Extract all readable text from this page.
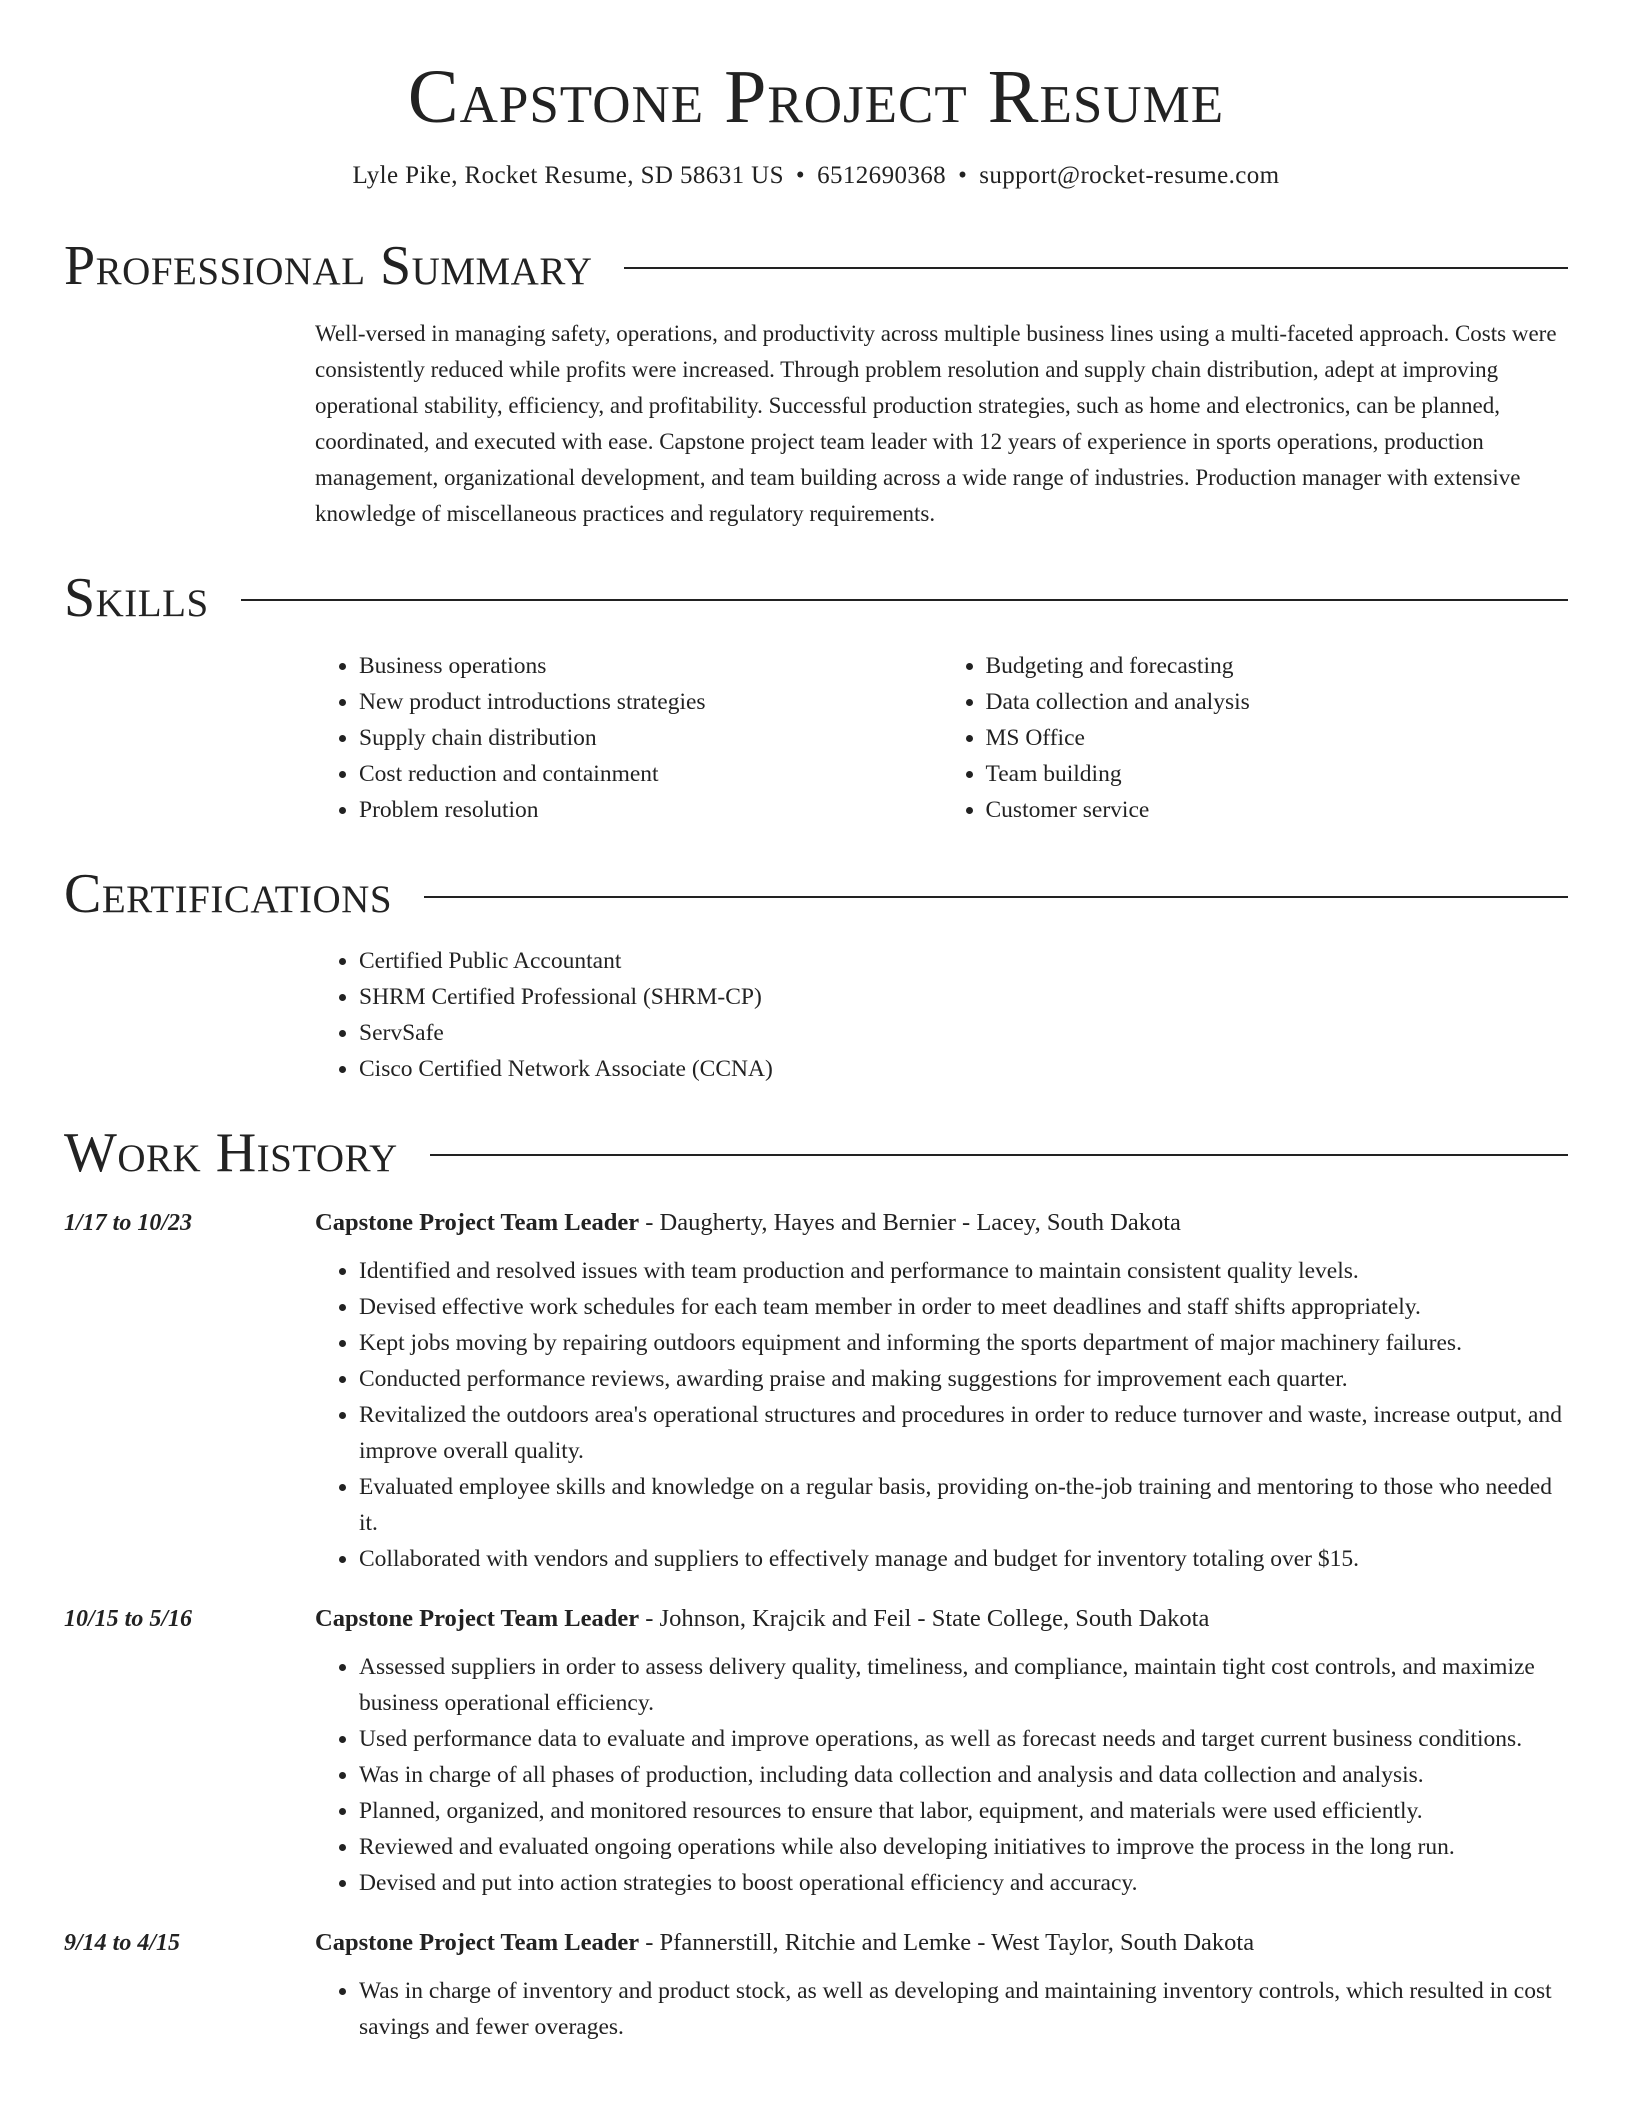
Capstone Project Resume
Lyle Pike, Rocket Resume, SD 58631 US • 6512690368 • support@rocket-resume.com
Professional Summary
Well-versed in managing safety, operations, and productivity across multiple business lines using a multi-faceted approach. Costs were consistently reduced while profits were increased. Through problem resolution and supply chain distribution, adept at improving operational stability, efficiency, and profitability. Successful production strategies, such as home and electronics, can be planned, coordinated, and executed with ease. Capstone project team leader with 12 years of experience in sports operations, production management, organizational development, and team building across a wide range of industries. Production manager with extensive knowledge of miscellaneous practices and regulatory requirements.
Skills
• Business operations
• New product introductions strategies
• Supply chain distribution
• Cost reduction and containment
• Problem resolution
• Budgeting and forecasting
• Data collection and analysis
• MS Office
• Team building
• Customer service
Certifications
• Certified Public Accountant
• SHRM Certified Professional (SHRM-CP)
• ServSafe
• Cisco Certified Network Associate (CCNA)
Work History
1/17 to 10/23	Capstone Project Team Leader - Daugherty, Hayes and Bernier - Lacey, South Dakota
• Identified and resolved issues with team production and performance to maintain consistent quality levels.
• Devised effective work schedules for each team member in order to meet deadlines and staff shifts appropriately.
• Kept jobs moving by repairing outdoors equipment and informing the sports department of major machinery failures.
• Conducted performance reviews, awarding praise and making suggestions for improvement each quarter.
• Revitalized the outdoors area's operational structures and procedures in order to reduce turnover and waste, increase output, and improve overall quality.
• Evaluated employee skills and knowledge on a regular basis, providing on-the-job training and mentoring to those who needed it.
• Collaborated with vendors and suppliers to effectively manage and budget for inventory totaling over $15.
10/15 to 5/16	Capstone Project Team Leader - Johnson, Krajcik and Feil - State College, South Dakota
• Assessed suppliers in order to assess delivery quality, timeliness, and compliance, maintain tight cost controls, and maximize business operational efficiency.
• Used performance data to evaluate and improve operations, as well as forecast needs and target current business conditions.
• Was in charge of all phases of production, including data collection and analysis and data collection and analysis.
• Planned, organized, and monitored resources to ensure that labor, equipment, and materials were used efficiently.
• Reviewed and evaluated ongoing operations while also developing initiatives to improve the process in the long run.
• Devised and put into action strategies to boost operational efficiency and accuracy.
9/14 to 4/15	Capstone Project Team Leader - Pfannerstill, Ritchie and Lemke - West Taylor, South Dakota
• Was in charge of inventory and product stock, as well as developing and maintaining inventory controls, which resulted in cost savings and fewer overages.
